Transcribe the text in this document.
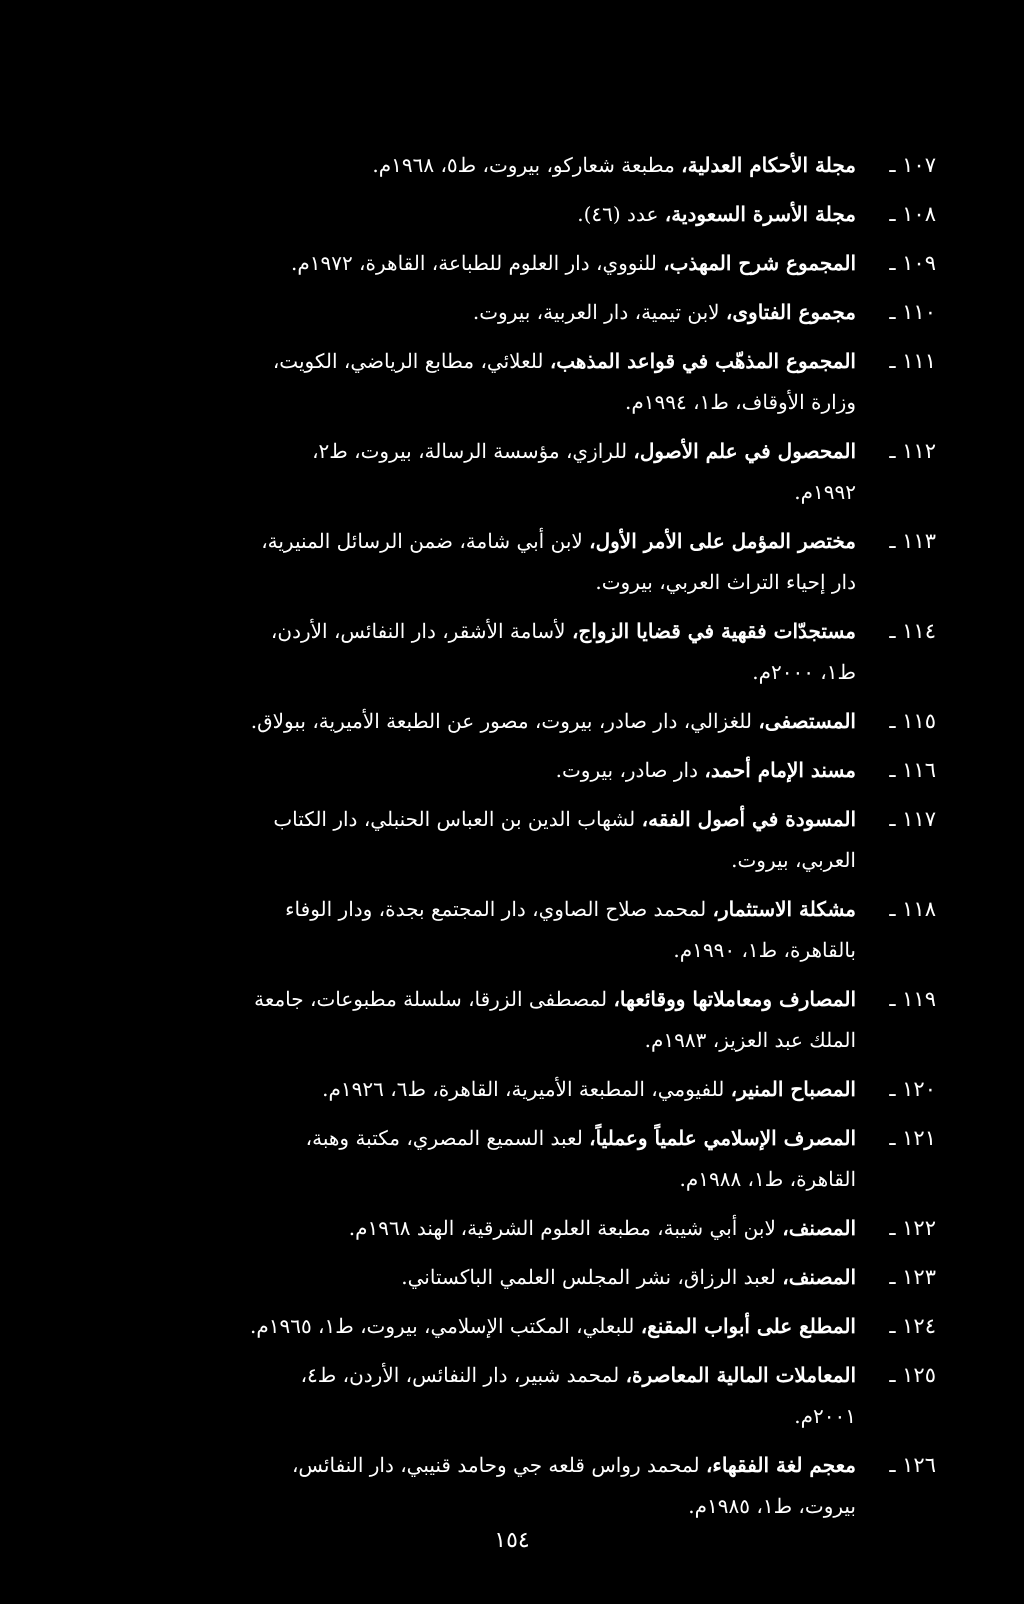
١٠٧ ـ
مجلة الأحكام العدلية، مطبعة شعاركو، بيروت، ط٥، ١٩٦٨م.
١٠٨ ـ
مجلة الأسرة السعودية، عدد (٤٦).
١٠٩ ـ
المجموع شرح المهذب، للنووي، دار العلوم للطباعة، القاهرة، ١٩٧٢م.
١١٠ ـ
مجموع الفتاوى، لابن تيمية، دار العربية، بيروت.
١١١ ـ
المجموع المذهّب في قواعد المذهب، للعلائي، مطابع الرياضي، الكويت،
وزارة الأوقاف، ط١، ١٩٩٤م.
١١٢ ـ
المحصول في علم الأصول، للرازي، مؤسسة الرسالة، بيروت، ط٢،
١٩٩٢م.
١١٣ ـ
مختصر المؤمل على الأمر الأول، لابن أبي شامة، ضمن الرسائل المنيرية،
دار إحياء التراث العربي، بيروت.
١١٤ ـ
مستجدّات فقهية في قضايا الزواج، لأسامة الأشقر، دار النفائس، الأردن،
ط١، ٢٠٠٠م.
١١٥ ـ
المستصفى، للغزالي، دار صادر، بيروت، مصور عن الطبعة الأميرية، ببولاق.
١١٦ ـ
مسند الإمام أحمد، دار صادر، بيروت.
١١٧ ـ
المسودة في أصول الفقه، لشهاب الدين بن العباس الحنبلي، دار الكتاب
العربي، بيروت.
١١٨ ـ
مشكلة الاستثمار، لمحمد صلاح الصاوي، دار المجتمع بجدة، ودار الوفاء
بالقاهرة، ط١، ١٩٩٠م.
١١٩ ـ
المصارف ومعاملاتها ووقائعها، لمصطفى الزرقا، سلسلة مطبوعات، جامعة
الملك عبد العزيز، ١٩٨٣م.
١٢٠ ـ
المصباح المنير، للفيومي، المطبعة الأميرية، القاهرة، ط٦، ١٩٢٦م.
١٢١ ـ
المصرف الإسلامي علمياً وعملياً، لعبد السميع المصري، مكتبة وهبة،
القاهرة، ط١، ١٩٨٨م.
١٢٢ ـ
المصنف، لابن أبي شيبة، مطبعة العلوم الشرقية، الهند ١٩٦٨م.
١٢٣ ـ
المصنف، لعبد الرزاق، نشر المجلس العلمي الباكستاني.
١٢٤ ـ
المطلع على أبواب المقنع، للبعلي، المكتب الإسلامي، بيروت، ط١، ١٩٦٥م.
١٢٥ ـ
المعاملات المالية المعاصرة، لمحمد شبير، دار النفائس، الأردن، ط٤،
٢٠٠١م.
١٢٦ ـ
معجم لغة الفقهاء، لمحمد رواس قلعه جي وحامد قنيبي، دار النفائس،
بيروت، ط١، ١٩٨٥م.
١٥٤
